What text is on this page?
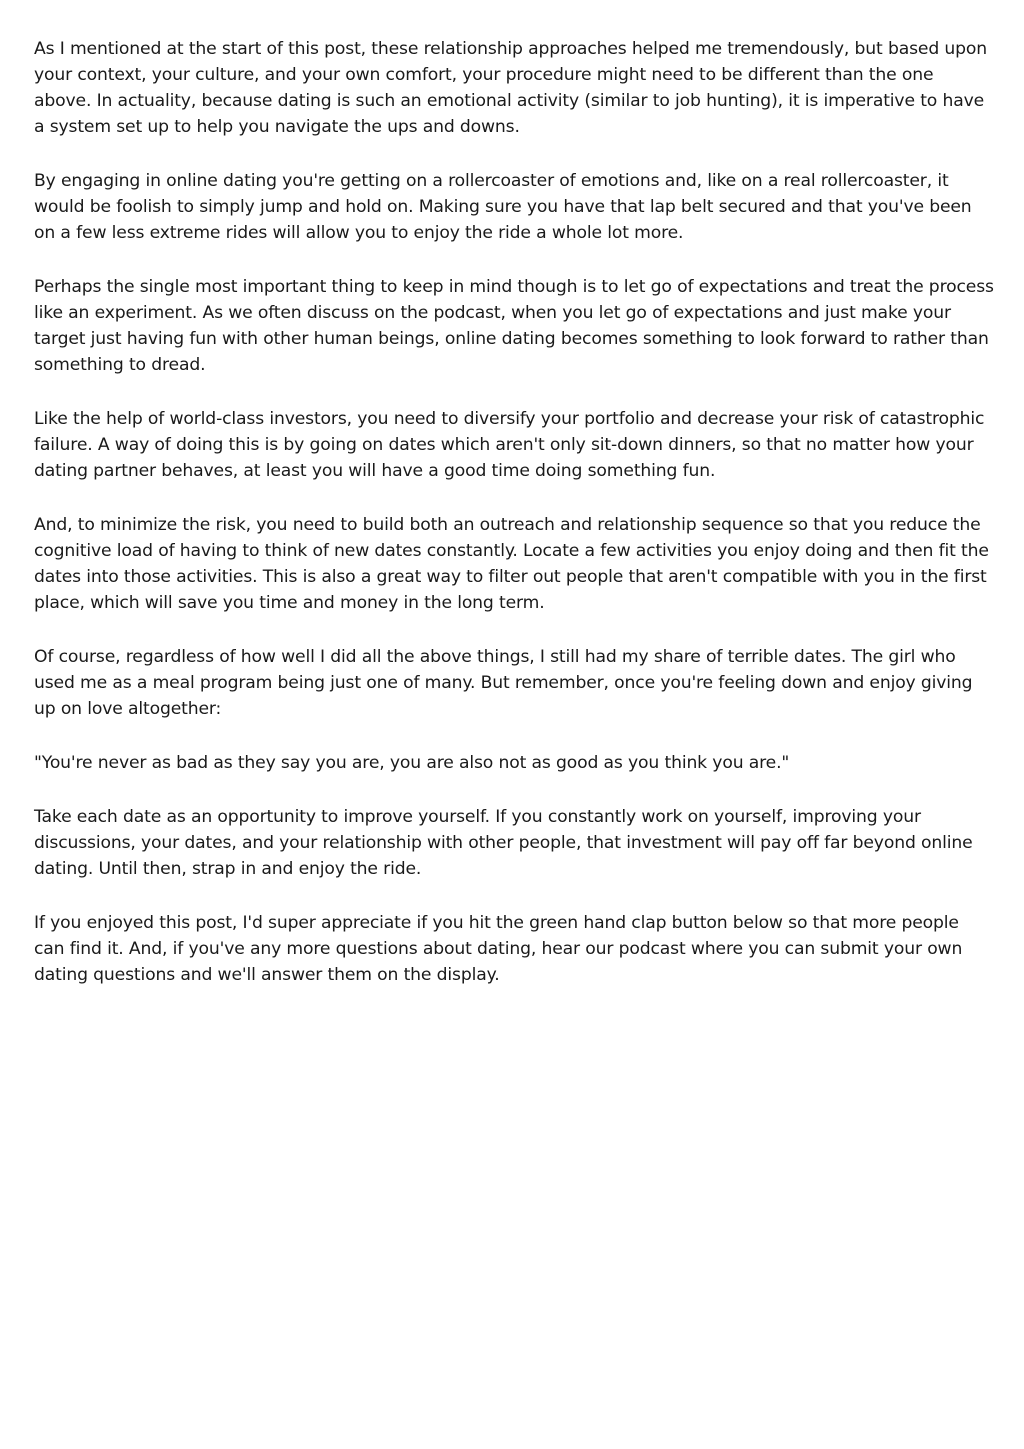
As I mentioned at the start of this post, these relationship approaches helped me tremendously, but based upon your context, your culture, and your own comfort, your procedure might need to be different than the one above. In actuality, because dating is such an emotional activity (similar to job hunting), it is imperative to have a system set up to help you navigate the ups and downs.

By engaging in online dating you're getting on a rollercoaster of emotions and, like on a real rollercoaster, it would be foolish to simply jump and hold on. Making sure you have that lap belt secured and that you've been on a few less extreme rides will allow you to enjoy the ride a whole lot more.

Perhaps the single most important thing to keep in mind though is to let go of expectations and treat the process like an experiment. As we often discuss on the podcast, when you let go of expectations and just make your target just having fun with other human beings, online dating becomes something to look forward to rather than something to dread.

Like the help of world-class investors, you need to diversify your portfolio and decrease your risk of catastrophic failure. A way of doing this is by going on dates which aren't only sit-down dinners, so that no matter how your dating partner behaves, at least you will have a good time doing something fun.

And, to minimize the risk, you need to build both an outreach and relationship sequence so that you reduce the cognitive load of having to think of new dates constantly. Locate a few activities you enjoy doing and then fit the dates into those activities. This is also a great way to filter out people that aren't compatible with you in the first place, which will save you time and money in the long term.

Of course, regardless of how well I did all the above things, I still had my share of terrible dates. The girl who used me as a meal program being just one of many. But remember, once you're feeling down and enjoy giving up on love altogether:

"You're never as bad as they say you are, you are also not as good as you think you are."

Take each date as an opportunity to improve yourself. If you constantly work on yourself, improving your discussions, your dates, and your relationship with other people, that investment will pay off far beyond online dating. Until then, strap in and enjoy the ride.

If you enjoyed this post, I'd super appreciate if you hit the green hand clap button below so that more people can find it. And, if you've any more questions about dating, hear our podcast where you can submit your own dating questions and we'll answer them on the display.
